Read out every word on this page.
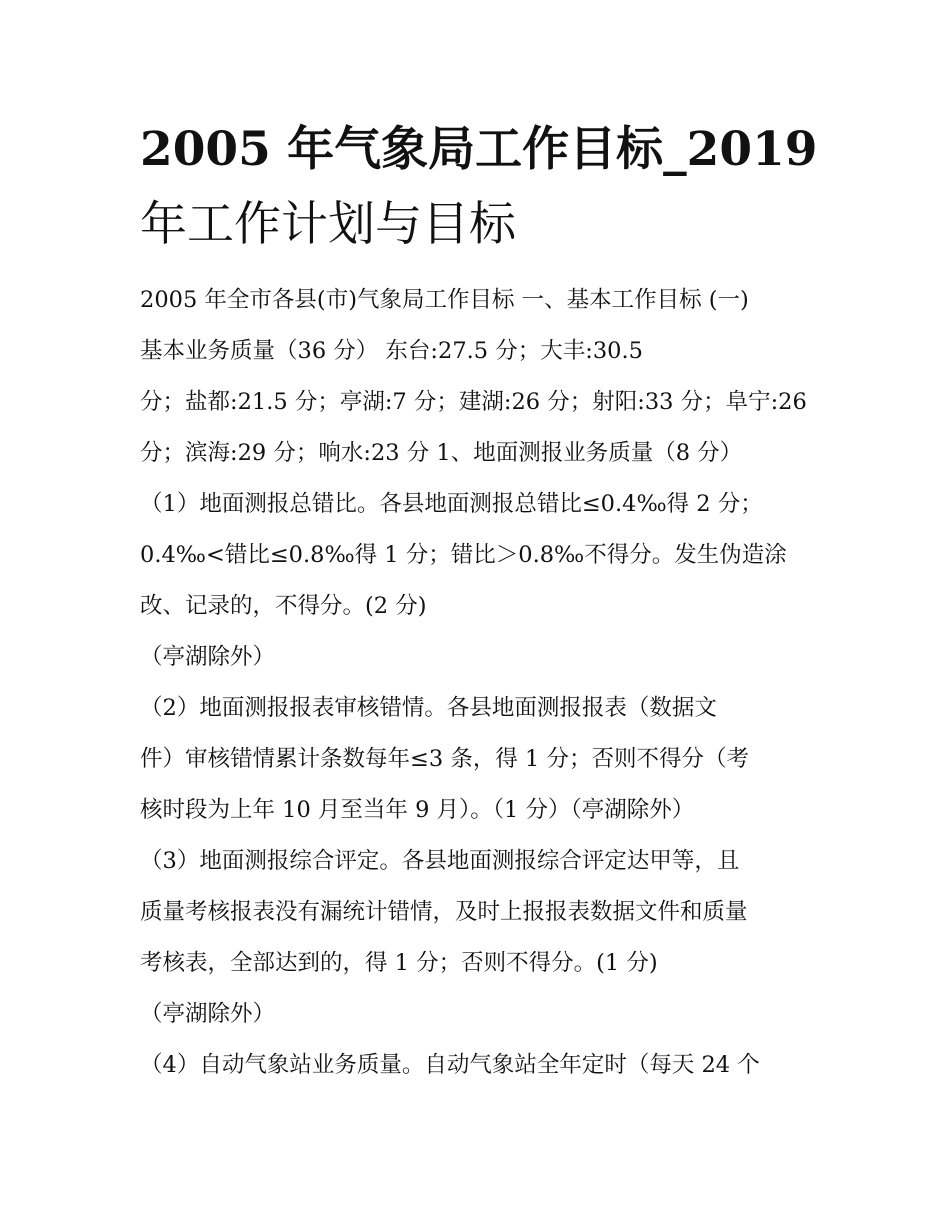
2005 年气象局工作目标_2019
年工作计划与目标
2005 年全市各县(市)气象局工作目标 一、基本工作目标 (一)
基本业务质量（36 分） 东台:27.5 分；大丰:30.5
分；盐都:21.5 分；亭湖:7 分；建湖:26 分；射阳:33 分；阜宁:26
分；滨海:29 分；响水:23 分 1、地面测报业务质量（8 分）
（1）地面测报总错比。各县地面测报总错比≤0.4‰得 2 分；
0.4‰<错比≤0.8‰得 1 分；错比＞0.8‰不得分。发生伪造涂
改、记录的，不得分。(2 分)
（亭湖除外）
（2）地面测报报表审核错情。各县地面测报报表（数据文
件）审核错情累计条数每年≤3 条，得 1 分；否则不得分（考
核时段为上年 10 月至当年 9 月）。（1 分）（亭湖除外）
（3）地面测报综合评定。各县地面测报综合评定达甲等，且
质量考核报表没有漏统计错情，及时上报报表数据文件和质量
考核表，全部达到的，得 1 分；否则不得分。(1 分)
（亭湖除外）
（4）自动气象站业务质量。自动气象站全年定时（每天 24 个
